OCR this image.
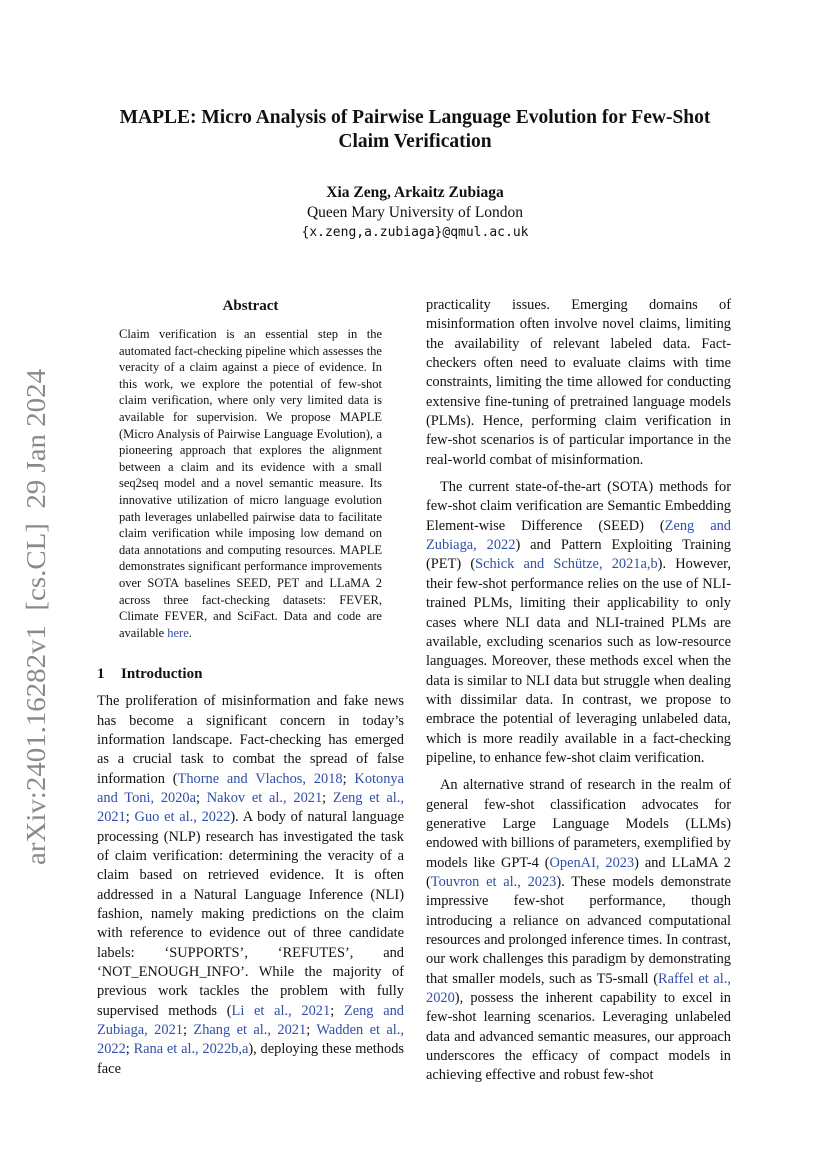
arXiv:2401.16282v1  [cs.CL]  29 Jan 2024
MAPLE: Micro Analysis of Pairwise Language Evolution for Few-Shot Claim Verification
Xia Zeng, Arkaitz Zubiaga
Queen Mary University of London
{x.zeng,a.zubiaga}@qmul.ac.uk
Abstract
Claim verification is an essential step in the automated fact-checking pipeline which assesses the veracity of a claim against a piece of evidence. In this work, we explore the potential of few-shot claim verification, where only very limited data is available for supervision. We propose MAPLE (Micro Analysis of Pairwise Language Evolution), a pioneering approach that explores the alignment between a claim and its evidence with a small seq2seq model and a novel semantic measure. Its innovative utilization of micro language evolution path leverages unlabelled pairwise data to facilitate claim verification while imposing low demand on data annotations and computing resources. MAPLE demonstrates significant performance improvements over SOTA baselines SEED, PET and LLaMA 2 across three fact-checking datasets: FEVER, Climate FEVER, and SciFact. Data and code are available here.
1 Introduction

The proliferation of misinformation and fake news has become a significant concern in today’s information landscape. Fact-checking has emerged as a crucial task to combat the spread of false information (Thorne and Vlachos, 2018; Kotonya and Toni, 2020a; Nakov et al., 2021; Zeng et al., 2021; Guo et al., 2022). A body of natural language processing (NLP) research has investigated the task of claim verification: determining the veracity of a claim based on retrieved evidence. It is often addressed in a Natural Language Inference (NLI) fashion, namely making predictions on the claim with reference to evidence out of three candidate labels: ‘SUPPORTS’, ‘REFUTES’, and ‘NOT_ENOUGH_INFO’. While the majority of previous work tackles the problem with fully supervised methods (Li et al., 2021; Zeng and Zubiaga, 2021; Zhang et al., 2021; Wadden et al., 2022; Rana et al., 2022b,a), deploying these methods face

practicality issues. Emerging domains of misinformation often involve novel claims, limiting the availability of relevant labeled data. Fact-checkers often need to evaluate claims with time constraints, limiting the time allowed for conducting extensive fine-tuning of pretrained language models (PLMs). Hence, performing claim verification in few-shot scenarios is of particular importance in the real-world combat of misinformation.

The current state-of-the-art (SOTA) methods for few-shot claim verification are Semantic Embedding Element-wise Difference (SEED) (Zeng and Zubiaga, 2022) and Pattern Exploiting Training (PET) (Schick and Schütze, 2021a,b). However, their few-shot performance relies on the use of NLI-trained PLMs, limiting their applicability to only cases where NLI data and NLI-trained PLMs are available, excluding scenarios such as low-resource languages. Moreover, these methods excel when the data is similar to NLI data but struggle when dealing with dissimilar data. In contrast, we propose to embrace the potential of leveraging unlabeled data, which is more readily available in a fact-checking pipeline, to enhance few-shot claim verification.

An alternative strand of research in the realm of general few-shot classification advocates for generative Large Language Models (LLMs) endowed with billions of parameters, exemplified by models like GPT-4 (OpenAI, 2023) and LLaMA 2 (Touvron et al., 2023). These models demonstrate impressive few-shot performance, though introducing a reliance on advanced computational resources and prolonged inference times. In contrast, our work challenges this paradigm by demonstrating that smaller models, such as T5-small (Raffel et al., 2020), possess the inherent capability to excel in few-shot learning scenarios. Leveraging unlabeled data and advanced semantic measures, our approach underscores the efficacy of compact models in achieving effective and robust few-shot
